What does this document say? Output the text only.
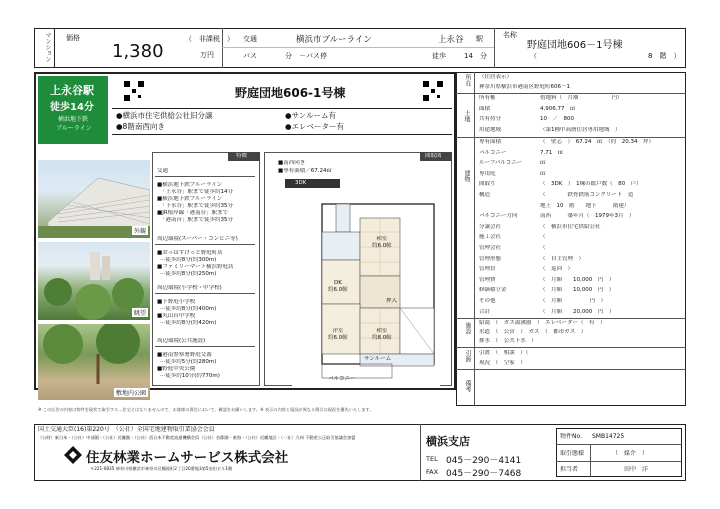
マンション 価格
1,380
（　非課税　）
万円
交通	横浜市ブルーライン	上永谷 駅
バス	分　－バス停	徒歩	14 分
名称
野庭団地606－1号棟
（	8　階　）
上永谷駅
徒歩14分
横浜地下鉄
ブルーライン
野庭団地606-1号棟
●横浜市住宅供給公社旧分譲
●8階南西向き
●サンルーム有
●エレベーター有
外観
眺望
敷地内公園
特徴
交通
■横浜地下鉄ブルーライン
「上永谷」駅まで徒歩約14分
■横浜地下鉄ブルーライン
「下永谷」駅まで徒歩約35分
■JR根岸線「港南台」駅まで
「港南台」駅まで徒歩約35分
周辺環境(スーパー・コンビニ等)
■おっはすけっと野庭町店
···徒歩約8分(約300m)
■ファミリーマート横浜野庭店
···徒歩約8分(約250m)
周辺環境(小学校・中学校)
■下野庭小学校
···徒歩約8分(約400m)
■丸山台中学校
···徒歩約8分(約420m)
周辺環境(公共施設)
■港南警察署野庭交番
···徒歩約5分(約280m)
■野庭中央公園
···徒歩約10分(約770m)
間取図
■南西向き
■専有面積／67.24㎡
3DK
DK
約6.0帖
和室
約6.0帖
洋室
約6.0帖
和室
約8.0帖
サンルーム
バルコニー
押入
所在 （住居表示）
神奈川県横浜市港南区野庭町606－1
土地
所有権	借地料（　月額　　　　　　円）
面積	4,906.77　㎡
共有持分	10　／　800
用途地域	（第1種中高層住居専用地域　）
建物
専有面積	（　壁芯　）　67.24　㎡　（約　20.34　坪）
バルコニー	7.71　㎡
ルーフバルコニー	㎡
専用庭	㎡
間取り	（　3DK　）　1棟の総戸数（　80　戸）
構造	（　　　　鉄骨鉄筋コンクリート　造
地上　10　階　　地下　　　階建）
バルコニー方向	南西　　　築年月（　1979年3月　）
分譲会社	（　横浜市住宅供給公社
施工会社	（
管理会社	（
管理形態	（　自主管理　）
管理員	（　巡回　）
管理費	（　月額　　10,000　円　）
修繕積立金	（　月額　　10,000　円　）
その他	（　月額　　　　　円　）
合計	（　月額　　20,000　円　）
施設 給湯　（　ガス湯沸器　）　エレベーター（　有　）
水道　（　公営　）　ガス　（　都市ガス　）
排水　（　公共下水　）
引渡 引渡　（　相談　）（
現況　（　空家　）
備考
※ この広告の内容は物件を現状で取引する…住宅とはなりませんので、お客様の責任において、確認をお願いします。※ 表示の内容と現況が異なる場合は現況を優先いたします。
国土交通大臣(16)第220号　（公社）全国宅地建物取引業協会会員
（公財）東日本・（公社）中部圏・（公社）近畿圏・（公社）西日本不動産流通機構会員（公社）首都圏・東海・（公社）近畿地区・（一社）九州 不動産公正取引協議会加盟
住友林業ホームサービス株式会社
〒221-0835 神奈川県横浜市神奈川区鶴屋町2丁目20番地3第5安田ビル1階
横浜支店
TEL 045－290－4141
FAX 045－290－7468
物件No. SMB14725
取引態様	（　媒介　）
担当者	田中　洋
